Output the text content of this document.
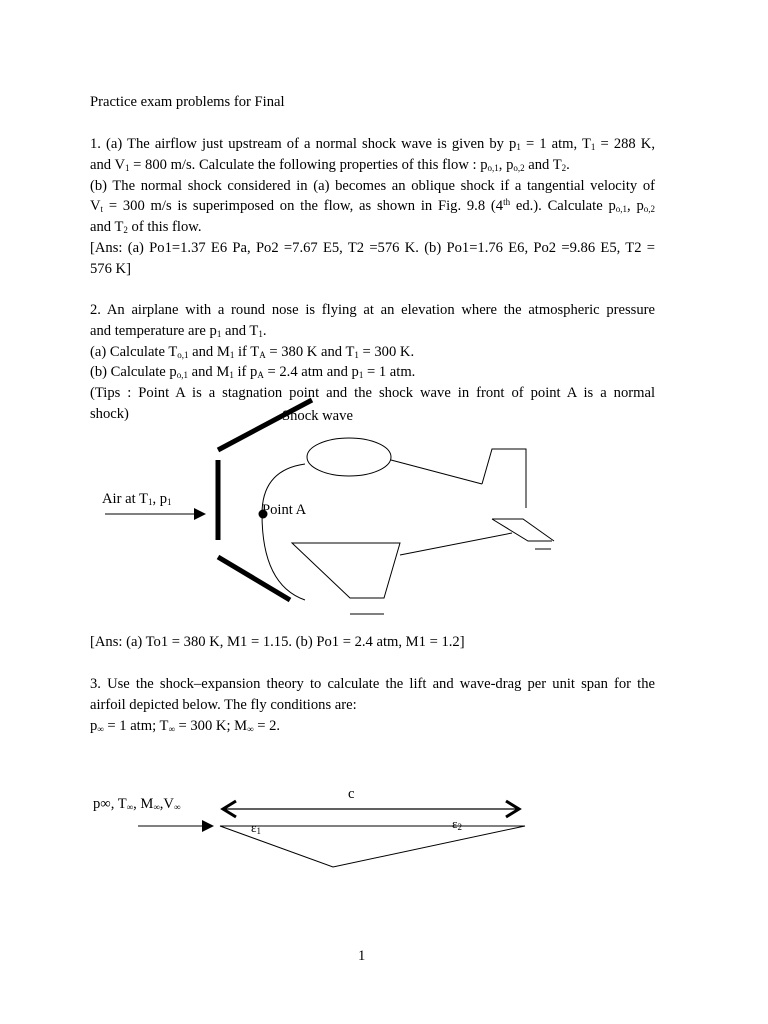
Practice exam problems for Final

1. (a) The airflow just upstream of a normal shock wave is given by $p_1 = 1$ atm, $T_1 = 288$ K,
and $V_1 = 800$ m/s. Calculate the following properties of this flow : $p_{o,1}$, $p_{o,2}$ and $T_2$.
(b) The normal shock considered in (a) becomes an oblique shock if a tangential velocity of
$V_t = 300$ m/s is superimposed on the flow, as shown in Fig. 9.8 (4th ed.). Calculate $p_{o,1}$, $p_{o,2}$
and $T_2$ of this flow.
[Ans: (a) Po1=1.37 E6 Pa, Po2 =7.67 E5, T2 =576 K. (b) Po1=1.76 E6, Po2 =9.86 E5, T2 =
576 K]
2. An airplane with a round nose is flying at an elevation where the atmospheric pressure
and temperature are $p_1$ and $T_1$.
(a) Calculate $T_{o,1}$ and $M_1$ if $T_A = 380$ K and $T_1 = 300$ K.
(b) Calculate $p_{o,1}$ and $M_1$ if $p_A = 2.4$ atm and $p_1 = 1$ atm.
(Tips : Point A is a stagnation point and the shock wave in front of point A is a normal
shock)	Shock wave
Air at $T_1$, $p_1$	Point A

[Ans: (a) To1 = 380 K, M1 = 1.15. (b) Po1 = 2.4 atm, M1 = 1.2]

3. Use the shock–expansion theory to calculate the lift and wave-drag per unit span for the
airfoil depicted below. The fly conditions are:
$p_\infty = 1$ atm; $T_\infty = 300$ K; $M_\infty = 2$.
p∞, $T_\infty$, $M_\infty,V_\infty$
c
$\varepsilon_1$	$\varepsilon_2$
1
